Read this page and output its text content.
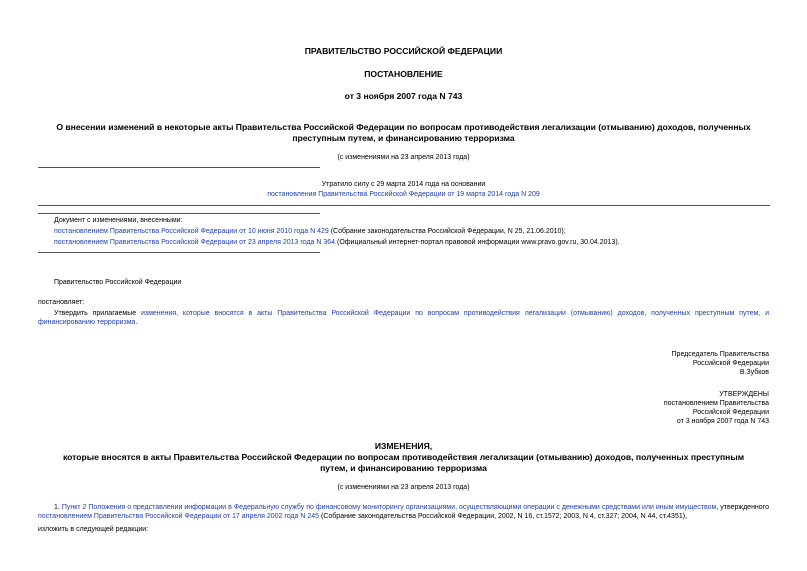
ПРАВИТЕЛЬСТВО РОССИЙСКОЙ ФЕДЕРАЦИИ
ПОСТАНОВЛЕНИЕ
от 3 ноября 2007 года N 743
О внесении изменений в некоторые акты Правительства Российской Федерации по вопросам противодействия легализации (отмыванию) доходов, полученных
преступным путем, и финансированию терроризма
(с изменениями на 23 апреля 2013 года)
Утратило силу с 29 марта 2014 года на основании
постановления Правительства Российской Федерации от 19 марта 2014 года N 209
Документ с изменениями, внесенными:
постановлением Правительства Российской Федерации от 10 июня 2010 года N 429 (Собрание законодательства Российской Федерации, N 25, 21.06.2010);
постановлением Правительства Российской Федерации от 23 апреля 2013 года N 364 (Официальный интернет-портал правовой информации www.pravo.gov.ru, 30.04.2013).
Правительство Российской Федерации
постановляет:
Утвердить прилагаемые изменения, которые вносятся в акты Правительства Российской Федерации по вопросам противодействия легализации (отмыванию) доходов, полученных преступным путем, и финансированию терроризма.
Председатель Правительства
Российской Федерации
В.Зубков
УТВЕРЖДЕНЫ
постановлением Правительства
Российской Федерации
от 3 ноября 2007 года N 743
ИЗМЕНЕНИЯ,
которые вносятся в акты Правительства Российской Федерации по вопросам противодействия легализации (отмыванию) доходов, полученных преступным
путем, и финансированию терроризма
(с изменениями на 23 апреля 2013 года)
1. Пункт 2 Положения о представлении информации в Федеральную службу по финансовому мониторингу организациями, осуществляющими операции с денежными средствами или иным имуществом, утвержденного постановлением Правительства Российской Федерации от 17 апреля 2002 года N 245 (Собрание законодательства Российской Федерации, 2002, N 16, ст.1572; 2003, N 4, ст.327; 2004, N 44, ст.4351),
изложить в следующей редакции:
